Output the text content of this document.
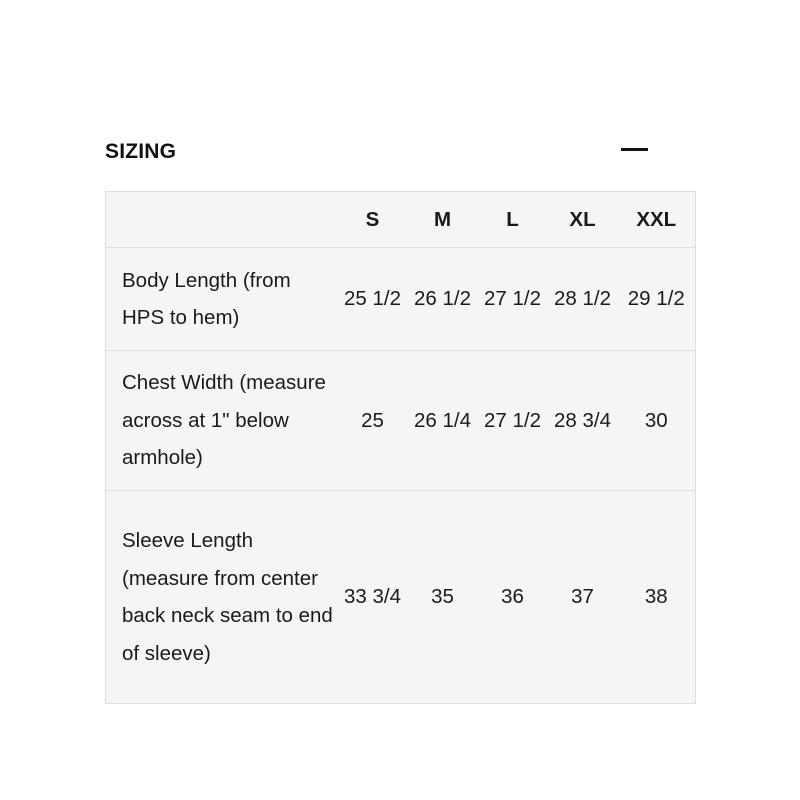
SIZING
	S	M	L	XL	XXL
Body Length (from HPS to hem)	25 1/2	26 1/2	27 1/2	28 1/2	29 1/2
Chest Width (measure across at 1" below armhole)	25	26 1/4	27 1/2	28 3/4	30
Sleeve Length (measure from center back neck seam to end of sleeve)	33 3/4	35	36	37	38
